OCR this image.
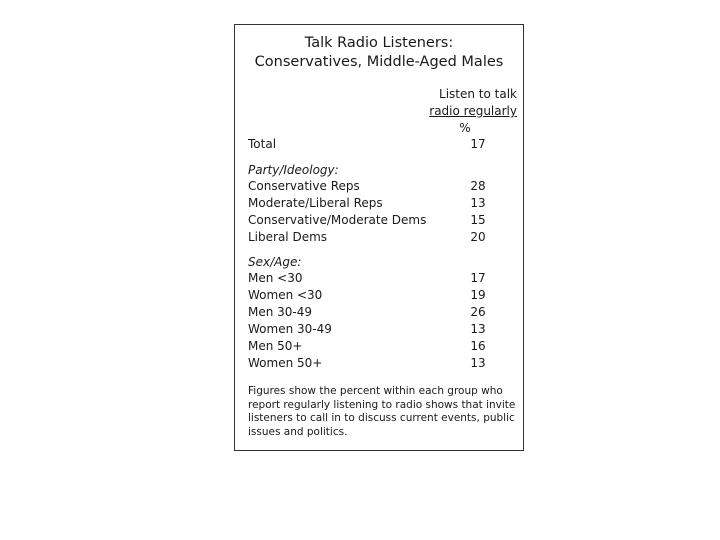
Talk Radio Listeners:
Conservatives, Middle-Aged Males
Listen to talk
radio regularly
%
Total	17
Party/Ideology:
Conservative Reps	28
Moderate/Liberal Reps	13
Conservative/Moderate Dems	15
Liberal Dems	20
Sex/Age:
Men <30	17
Women <30	19
Men 30-49	26
Women 30-49	13
Men 50+	16
Women 50+	13
Figures show the percent within each group who report regularly listening to radio shows that invite listeners to call in to discuss current events, public issues and politics.
